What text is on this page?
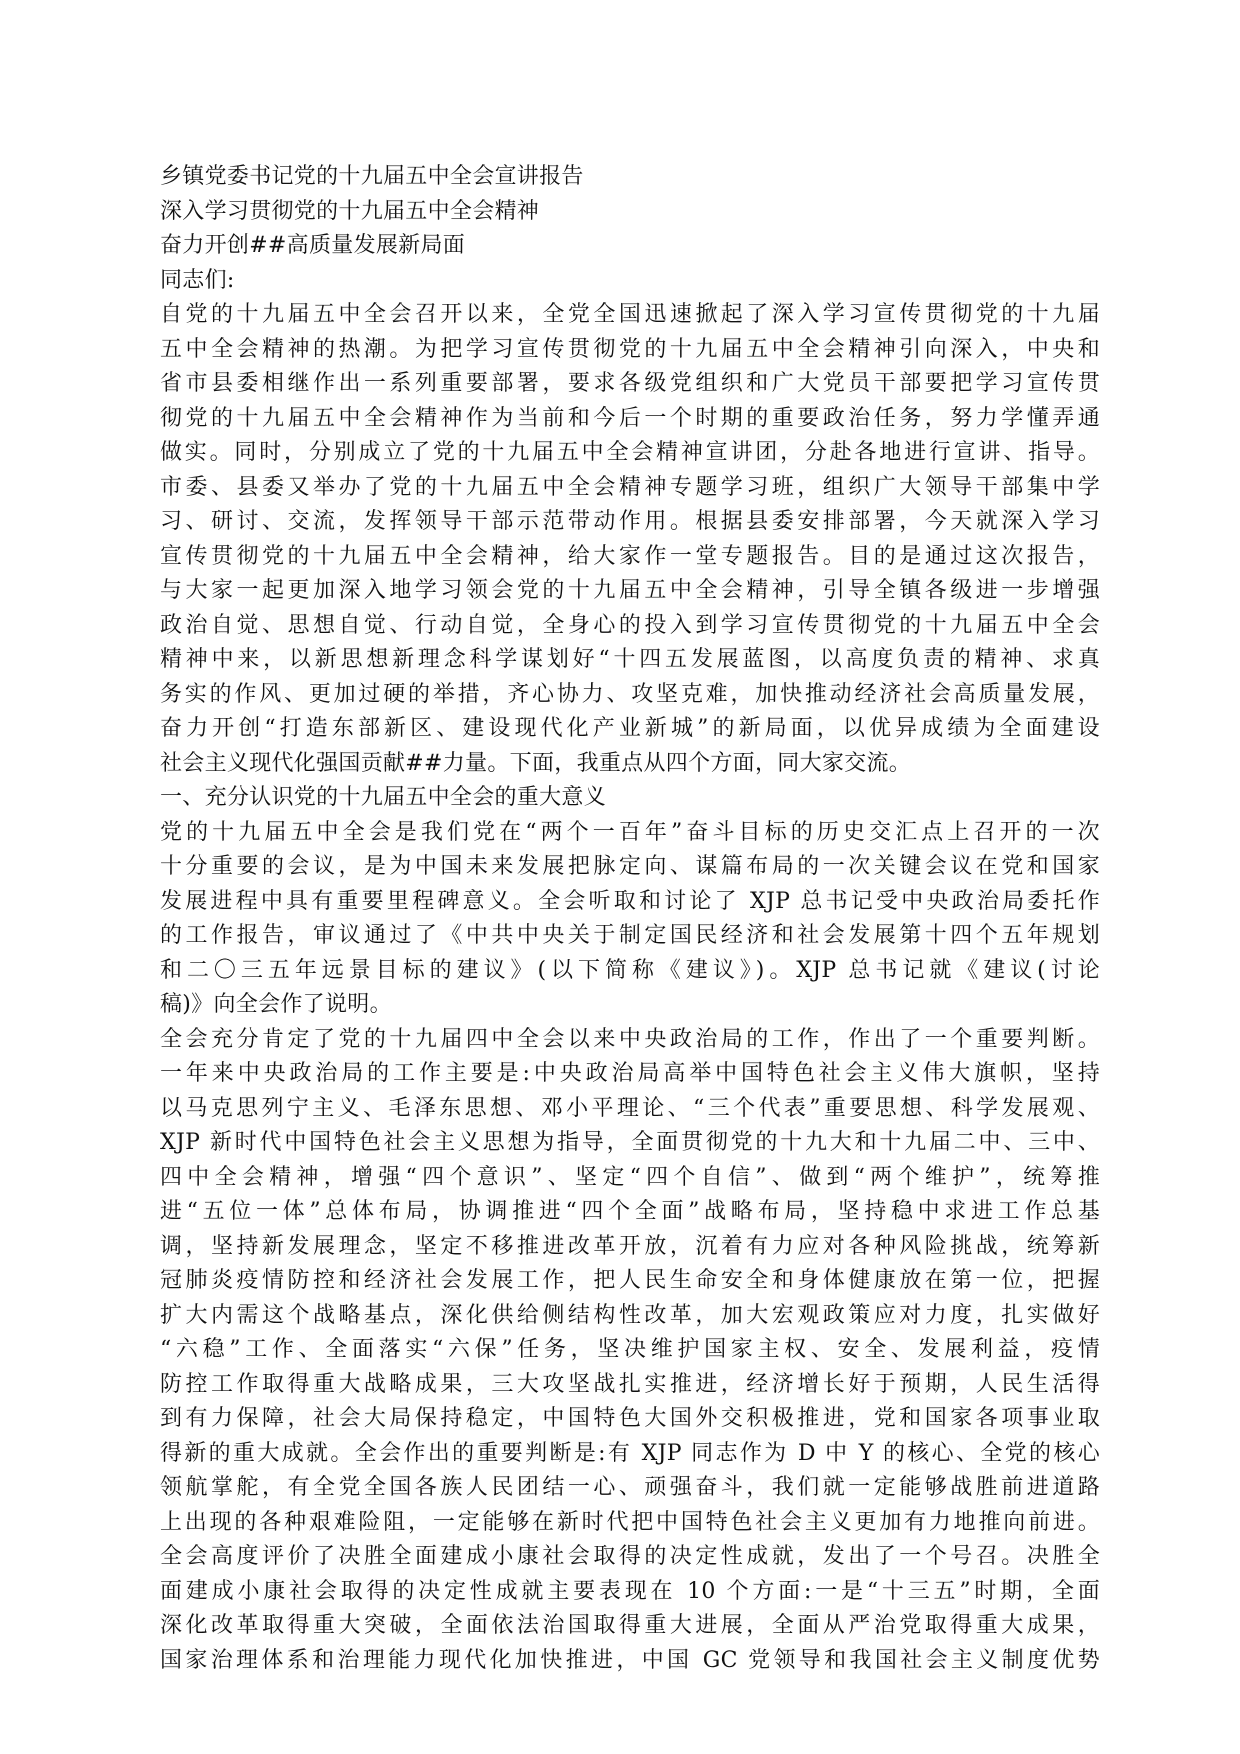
乡镇党委书记党的十九届五中全会宣讲报告
深入学习贯彻党的十九届五中全会精神
奋力开创##高质量发展新局面
同志们:
自党的十九届五中全会召开以来，全党全国迅速掀起了深入学习宣传贯彻党的十九届
五中全会精神的热潮。为把学习宣传贯彻党的十九届五中全会精神引向深入，中央和
省市县委相继作出一系列重要部署，要求各级党组织和广大党员干部要把学习宣传贯
彻党的十九届五中全会精神作为当前和今后一个时期的重要政治任务，努力学懂弄通
做实。同时，分别成立了党的十九届五中全会精神宣讲团，分赴各地进行宣讲、指导。
市委、县委又举办了党的十九届五中全会精神专题学习班，组织广大领导干部集中学
习、研讨、交流，发挥领导干部示范带动作用。根据县委安排部署，今天就深入学习
宣传贯彻党的十九届五中全会精神，给大家作一堂专题报告。目的是通过这次报告，
与大家一起更加深入地学习领会党的十九届五中全会精神，引导全镇各级进一步增强
政治自觉、思想自觉、行动自觉，全身心的投入到学习宣传贯彻党的十九届五中全会
精神中来，以新思想新理念科学谋划好“十四五发展蓝图，以高度负责的精神、求真
务实的作风、更加过硬的举措，齐心协力、攻坚克难，加快推动经济社会高质量发展，
奋力开创“打造东部新区、建设现代化产业新城”的新局面，以优异成绩为全面建设
社会主义现代化强国贡献##力量。下面，我重点从四个方面，同大家交流。
一、充分认识党的十九届五中全会的重大意义
党的十九届五中全会是我们党在“两个一百年”奋斗目标的历史交汇点上召开的一次
十分重要的会议，是为中国未来发展把脉定向、谋篇布局的一次关键会议在党和国家
发展进程中具有重要里程碑意义。全会听取和讨论了 XJP 总书记受中央政治局委托作
的工作报告，审议通过了《中共中央关于制定国民经济和社会发展第十四个五年规划
和二〇三五年远景目标的建议》(以下简称《建议》)。XJP 总书记就《建议(讨论
稿)》向全会作了说明。
全会充分肯定了党的十九届四中全会以来中央政治局的工作，作出了一个重要判断。
一年来中央政治局的工作主要是:中央政治局高举中国特色社会主义伟大旗帜，坚持
以马克思列宁主义、毛泽东思想、邓小平理论、“三个代表”重要思想、科学发展观、
XJP 新时代中国特色社会主义思想为指导，全面贯彻党的十九大和十九届二中、三中、
四中全会精神，增强“四个意识”、坚定“四个自信”、做到“两个维护”，统筹推
进“五位一体”总体布局，协调推进“四个全面”战略布局，坚持稳中求进工作总基
调，坚持新发展理念，坚定不移推进改革开放，沉着有力应对各种风险挑战，统筹新
冠肺炎疫情防控和经济社会发展工作，把人民生命安全和身体健康放在第一位，把握
扩大内需这个战略基点，深化供给侧结构性改革，加大宏观政策应对力度，扎实做好
“六稳”工作、全面落实“六保”任务，坚决维护国家主权、安全、发展利益，疫情
防控工作取得重大战略成果，三大攻坚战扎实推进，经济增长好于预期，人民生活得
到有力保障，社会大局保持稳定，中国特色大国外交积极推进，党和国家各项事业取
得新的重大成就。全会作出的重要判断是:有 XJP 同志作为 D 中 Y 的核心、全党的核心
领航掌舵，有全党全国各族人民团结一心、顽强奋斗，我们就一定能够战胜前进道路
上出现的各种艰难险阻，一定能够在新时代把中国特色社会主义更加有力地推向前进。
全会高度评价了决胜全面建成小康社会取得的决定性成就，发出了一个号召。决胜全
面建成小康社会取得的决定性成就主要表现在 10 个方面:一是“十三五”时期，全面
深化改革取得重大突破，全面依法治国取得重大进展，全面从严治党取得重大成果，
国家治理体系和治理能力现代化加快推进，中国 GC 党领导和我国社会主义制度优势
